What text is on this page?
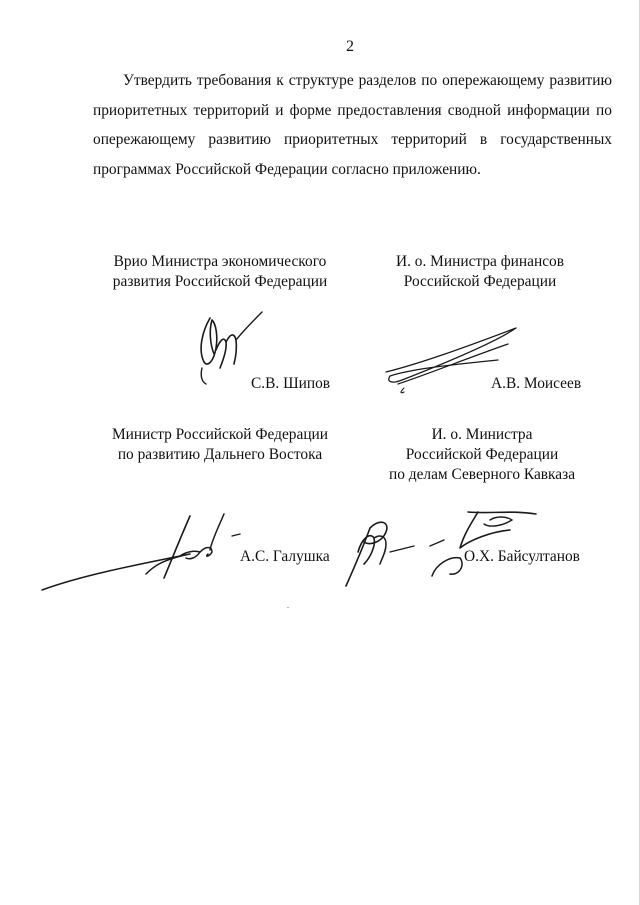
2

Утвердить требования к структуре разделов по опережающему развитию приоритетных территорий и форме предоставления сводной информации по опережающему развитию приоритетных территорий в государственных программах Российской Федерации согласно приложению.

Врио Министра экономического
развития Российской Федерации
С.В. Шипов
И. о. Министра финансов
Российской Федерации
А.В. Моисеев
Министр Российской Федерации
по развитию Дальнего Востока
А.С. Галушка
И. о. Министра
Российской Федерации
по делам Северного Кавказа
О.Х. Байсултанов
